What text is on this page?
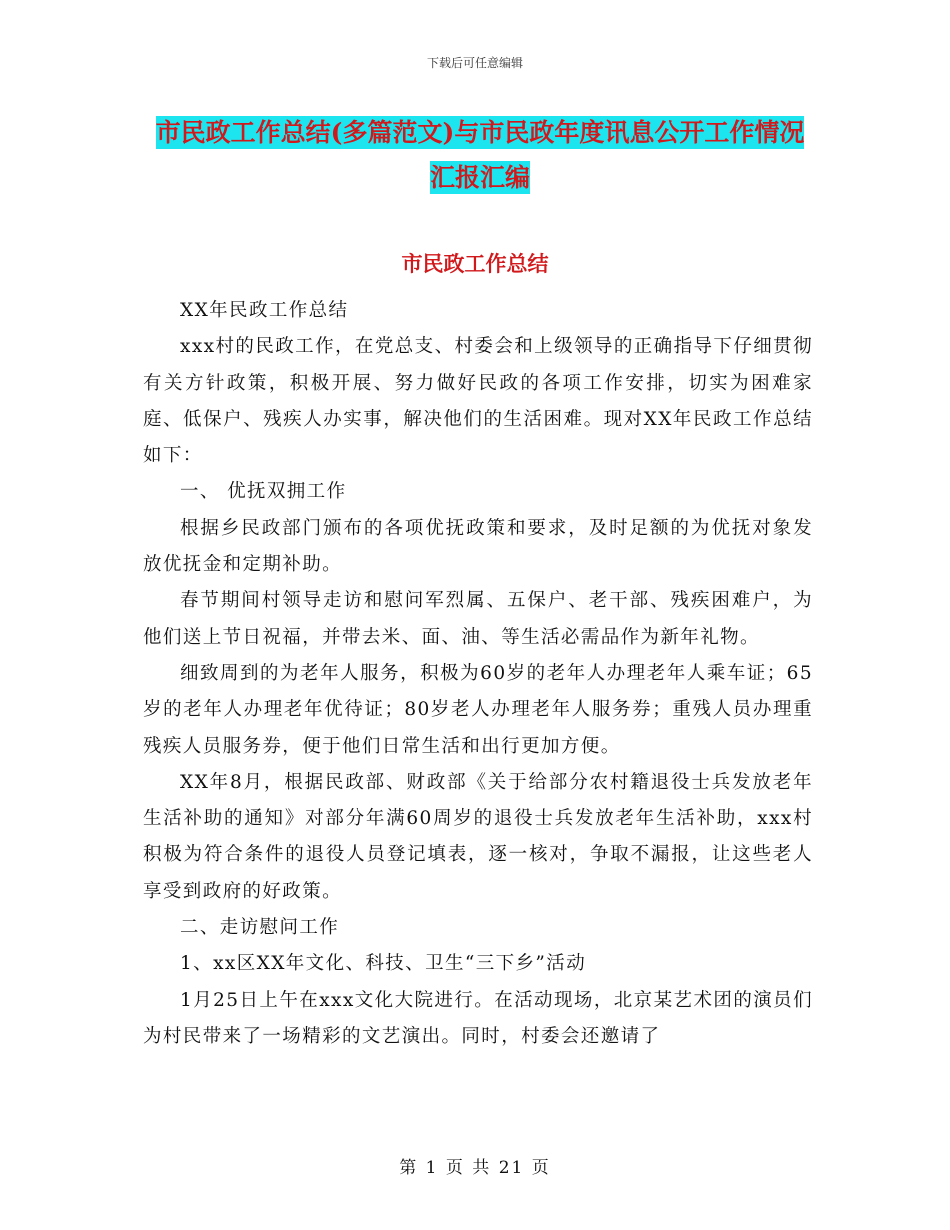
下载后可任意编辑
市民政工作总结(多篇范文)与市民政年度讯息公开工作情况汇报汇编
市民政工作总结

XX年民政工作总结

xxx村的民政工作，在党总支、村委会和上级领导的正确指导下仔细贯彻有关方针政策，积极开展、努力做好民政的各项工作安排，切实为困难家庭、低保户、残疾人办实事，解决他们的生活困难。现对XX年民政工作总结如下：

一、 优抚双拥工作

根据乡民政部门颁布的各项优抚政策和要求，及时足额的为优抚对象发放优抚金和定期补助。

春节期间村领导走访和慰问军烈属、五保户、老干部、残疾困难户，为他们送上节日祝福，并带去米、面、油、等生活必需品作为新年礼物。

细致周到的为老年人服务，积极为60岁的老年人办理老年人乘车证；65岁的老年人办理老年优待证；80岁老人办理老年人服务券；重残人员办理重残疾人员服务券，便于他们日常生活和出行更加方便。

XX年8月，根据民政部、财政部《关于给部分农村籍退役士兵发放老年生活补助的通知》对部分年满60周岁的退役士兵发放老年生活补助，xxx村积极为符合条件的退役人员登记填表，逐一核对，争取不漏报，让这些老人享受到政府的好政策。

二、走访慰问工作

1、xx区XX年文化、科技、卫生“三下乡”活动

1月25日上午在xxx文化大院进行。在活动现场，北京某艺术团的演员们为村民带来了一场精彩的文艺演出。同时，村委会还邀请了

第 1 页 共 21 页
